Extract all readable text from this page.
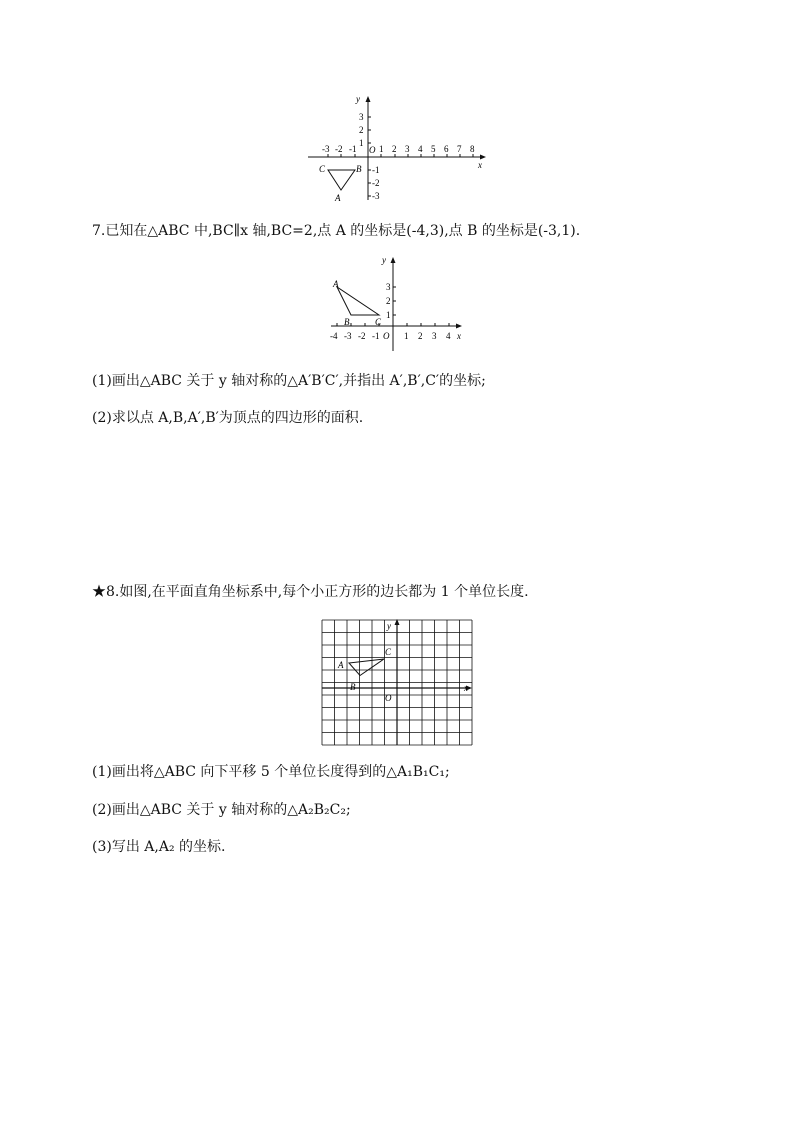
-3 -2 -1	1 2 3 4 5 6 7 8
3
2
1
-1
-2
-3
O
x
y
A
B
C
7.已知在△ABC 中,BC∥x 轴,BC=2,点 A 的坐标是(-4,3),点 B 的坐标是(-3,1).
-4 -3 -2 -1	1 2 3 4
3
2
1
O	x
y
A
B	C
(1)画出△ABC 关于 y 轴对称的△A′B′C′,并指出 A′,B′,C′的坐标;
(2)求以点 A,B,A′,B′为顶点的四边形的面积.
★8.如图,在平面直角坐标系中,每个小正方形的边长都为 1 个单位长度.
O
x
y
A
B
C
(1)画出将△ABC 向下平移 5 个单位长度得到的△A₁B₁C₁;
(2)画出△ABC 关于 y 轴对称的△A₂B₂C₂;
(3)写出 A,A₂ 的坐标.
